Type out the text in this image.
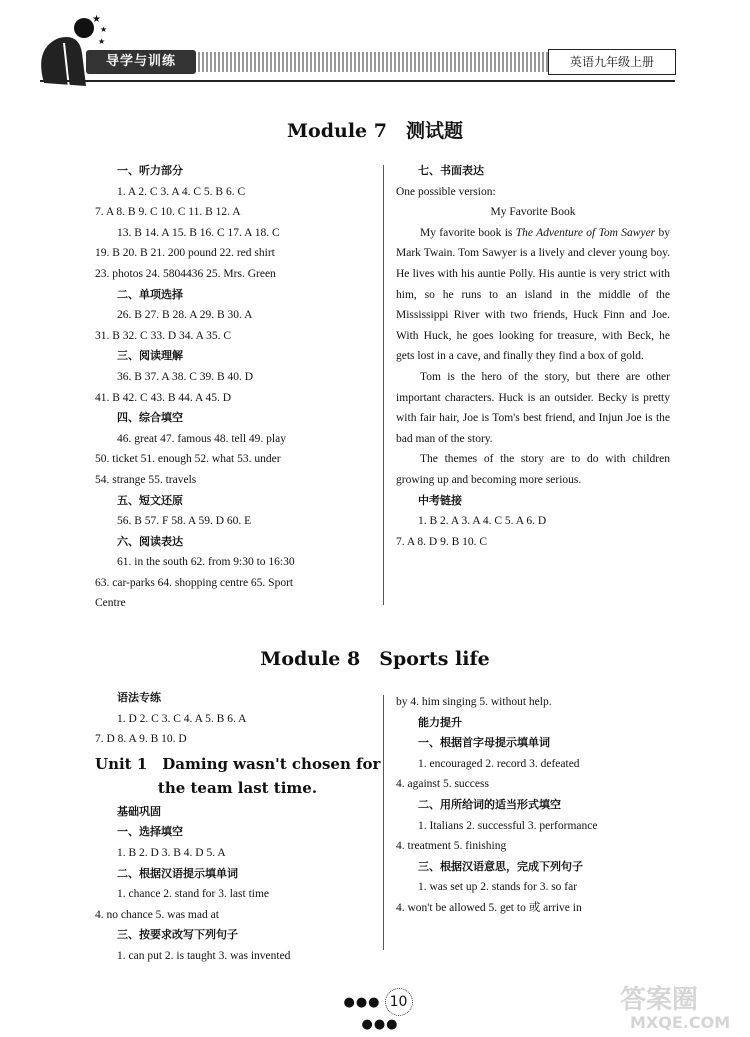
★
★
★
导学与训练	英语九年级上册
Module 7　测试题
一、听力部分
1. A 2. C 3. A 4. C 5. B 6. C
7. A 8. B 9. C 10. C 11. B 12. A
13. B 14. A 15. B 16. C 17. A 18. C
19. B 20. B 21. 200 pound 22. red shirt
23. photos 24. 5804436 25. Mrs. Green
二、单项选择
26. B 27. B 28. A 29. B 30. A
31. B 32. C 33. D 34. A 35. C
三、阅读理解
36. B 37. A 38. C 39. B 40. D
41. B 42. C 43. B 44. A 45. D
四、综合填空
46. great 47. famous 48. tell 49. play
50. ticket 51. enough 52. what 53. under
54. strange 55. travels
五、短文还原
56. B 57. F 58. A 59. D 60. E
六、阅读表达
61. in the south 62. from 9:30 to 16:30
63. car-parks 64. shopping centre 65. Sport
Centre
七、书面表达
One possible version:
My Favorite Book

My favorite book is The Adventure of Tom Sawyer by Mark Twain. Tom Sawyer is a lively and clever young boy. He lives with his auntie Polly. His auntie is very strict with him, so he runs to an island in the middle of the Mississippi River with two friends, Huck Finn and Joe. With Huck, he goes looking for treasure, with Beck, he gets lost in a cave, and finally they find a box of gold.

Tom is the hero of the story, but there are other important characters. Huck is an outsider. Becky is pretty with fair hair, Joe is Tom's best friend, and Injun Joe is the bad man of the story.

The themes of the story are to do with children growing up and becoming more serious.

中考链接
1. B 2. A 3. A 4. C 5. A 6. D
7. A 8. D 9. B 10. C
Module 8　Sports life
语法专练
1. D 2. C 3. C 4. A 5. B 6. A
7. D 8. A 9. B 10. D
Unit 1　Daming wasn't chosen for
the team last time.
基础巩固
一、选择填空
1. B 2. D 3. B 4. D 5. A
二、根据汉语提示填单词
1. chance 2. stand for 3. last time
4. no chance 5. was mad at
三、按要求改写下列句子
1. can put 2. is taught 3. was invented
by 4. him singing 5. without help.
能力提升
一、根据首字母提示填单词
1. encouraged 2. record 3. defeated
4. against 5. success
二、用所给词的适当形式填空
1. Italians 2. successful 3. performance
4. treatment 5. finishing
三、根据汉语意思，完成下列句子
1. was set up 2. stands for 3. so far
4. won't be allowed 5. get to 或 arrive in
●●● 10●●●
答案圈
MXQE.COM
